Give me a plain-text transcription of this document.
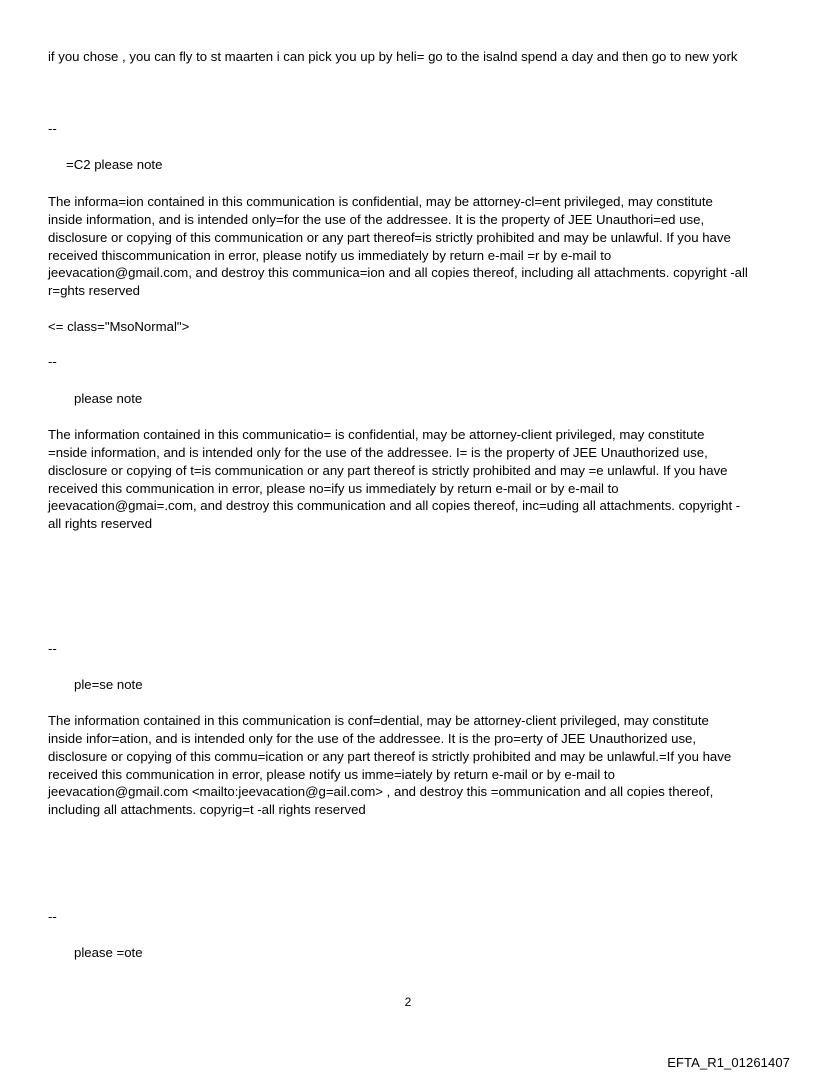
if you chose , you can fly to st maarten i can pick you up by heli= go to the isalnd spend a day and then go to new york
--
=C2 please note
The informa=ion contained in this communication is confidential, may be attorney-cl=ent privileged, may constitute
inside information, and is intended only=for the use of the addressee. It is the property of JEE Unauthori=ed use,
disclosure or copying of this communication or any part thereof=is strictly prohibited and may be unlawful. If you have
received thiscommunication in error, please notify us immediately by return e-mail =r by e-mail to
jeevacation@gmail.com, and destroy this communica=ion and all copies thereof, including all attachments. copyright -all
r=ghts reserved
<= class="MsoNormal">
--
please note
The information contained in this communicatio= is confidential, may be attorney-client privileged, may constitute
=nside information, and is intended only for the use of the addressee. I= is the property of JEE Unauthorized use,
disclosure or copying of t=is communication or any part thereof is strictly prohibited and may =e unlawful. If you have
received this communication in error, please no=ify us immediately by return e-mail or by e-mail to
jeevacation@gmai=.com, and destroy this communication and all copies thereof, inc=uding all attachments. copyright -
all rights reserved
--
ple=se note
The information contained in this communication is conf=dential, may be attorney-client privileged, may constitute
inside infor=ation, and is intended only for the use of the addressee. It is the pro=erty of JEE Unauthorized use,
disclosure or copying of this commu=ication or any part thereof is strictly prohibited and may be unlawful.=If you have
received this communication in error, please notify us imme=iately by return e-mail or by e-mail to
jeevacation@gmail.com <mailto:jeevacation@g=ail.com> , and destroy this =ommunication and all copies thereof,
including all attachments. copyrig=t -all rights reserved
--
please =ote
2
EFTA_R1_01261407
